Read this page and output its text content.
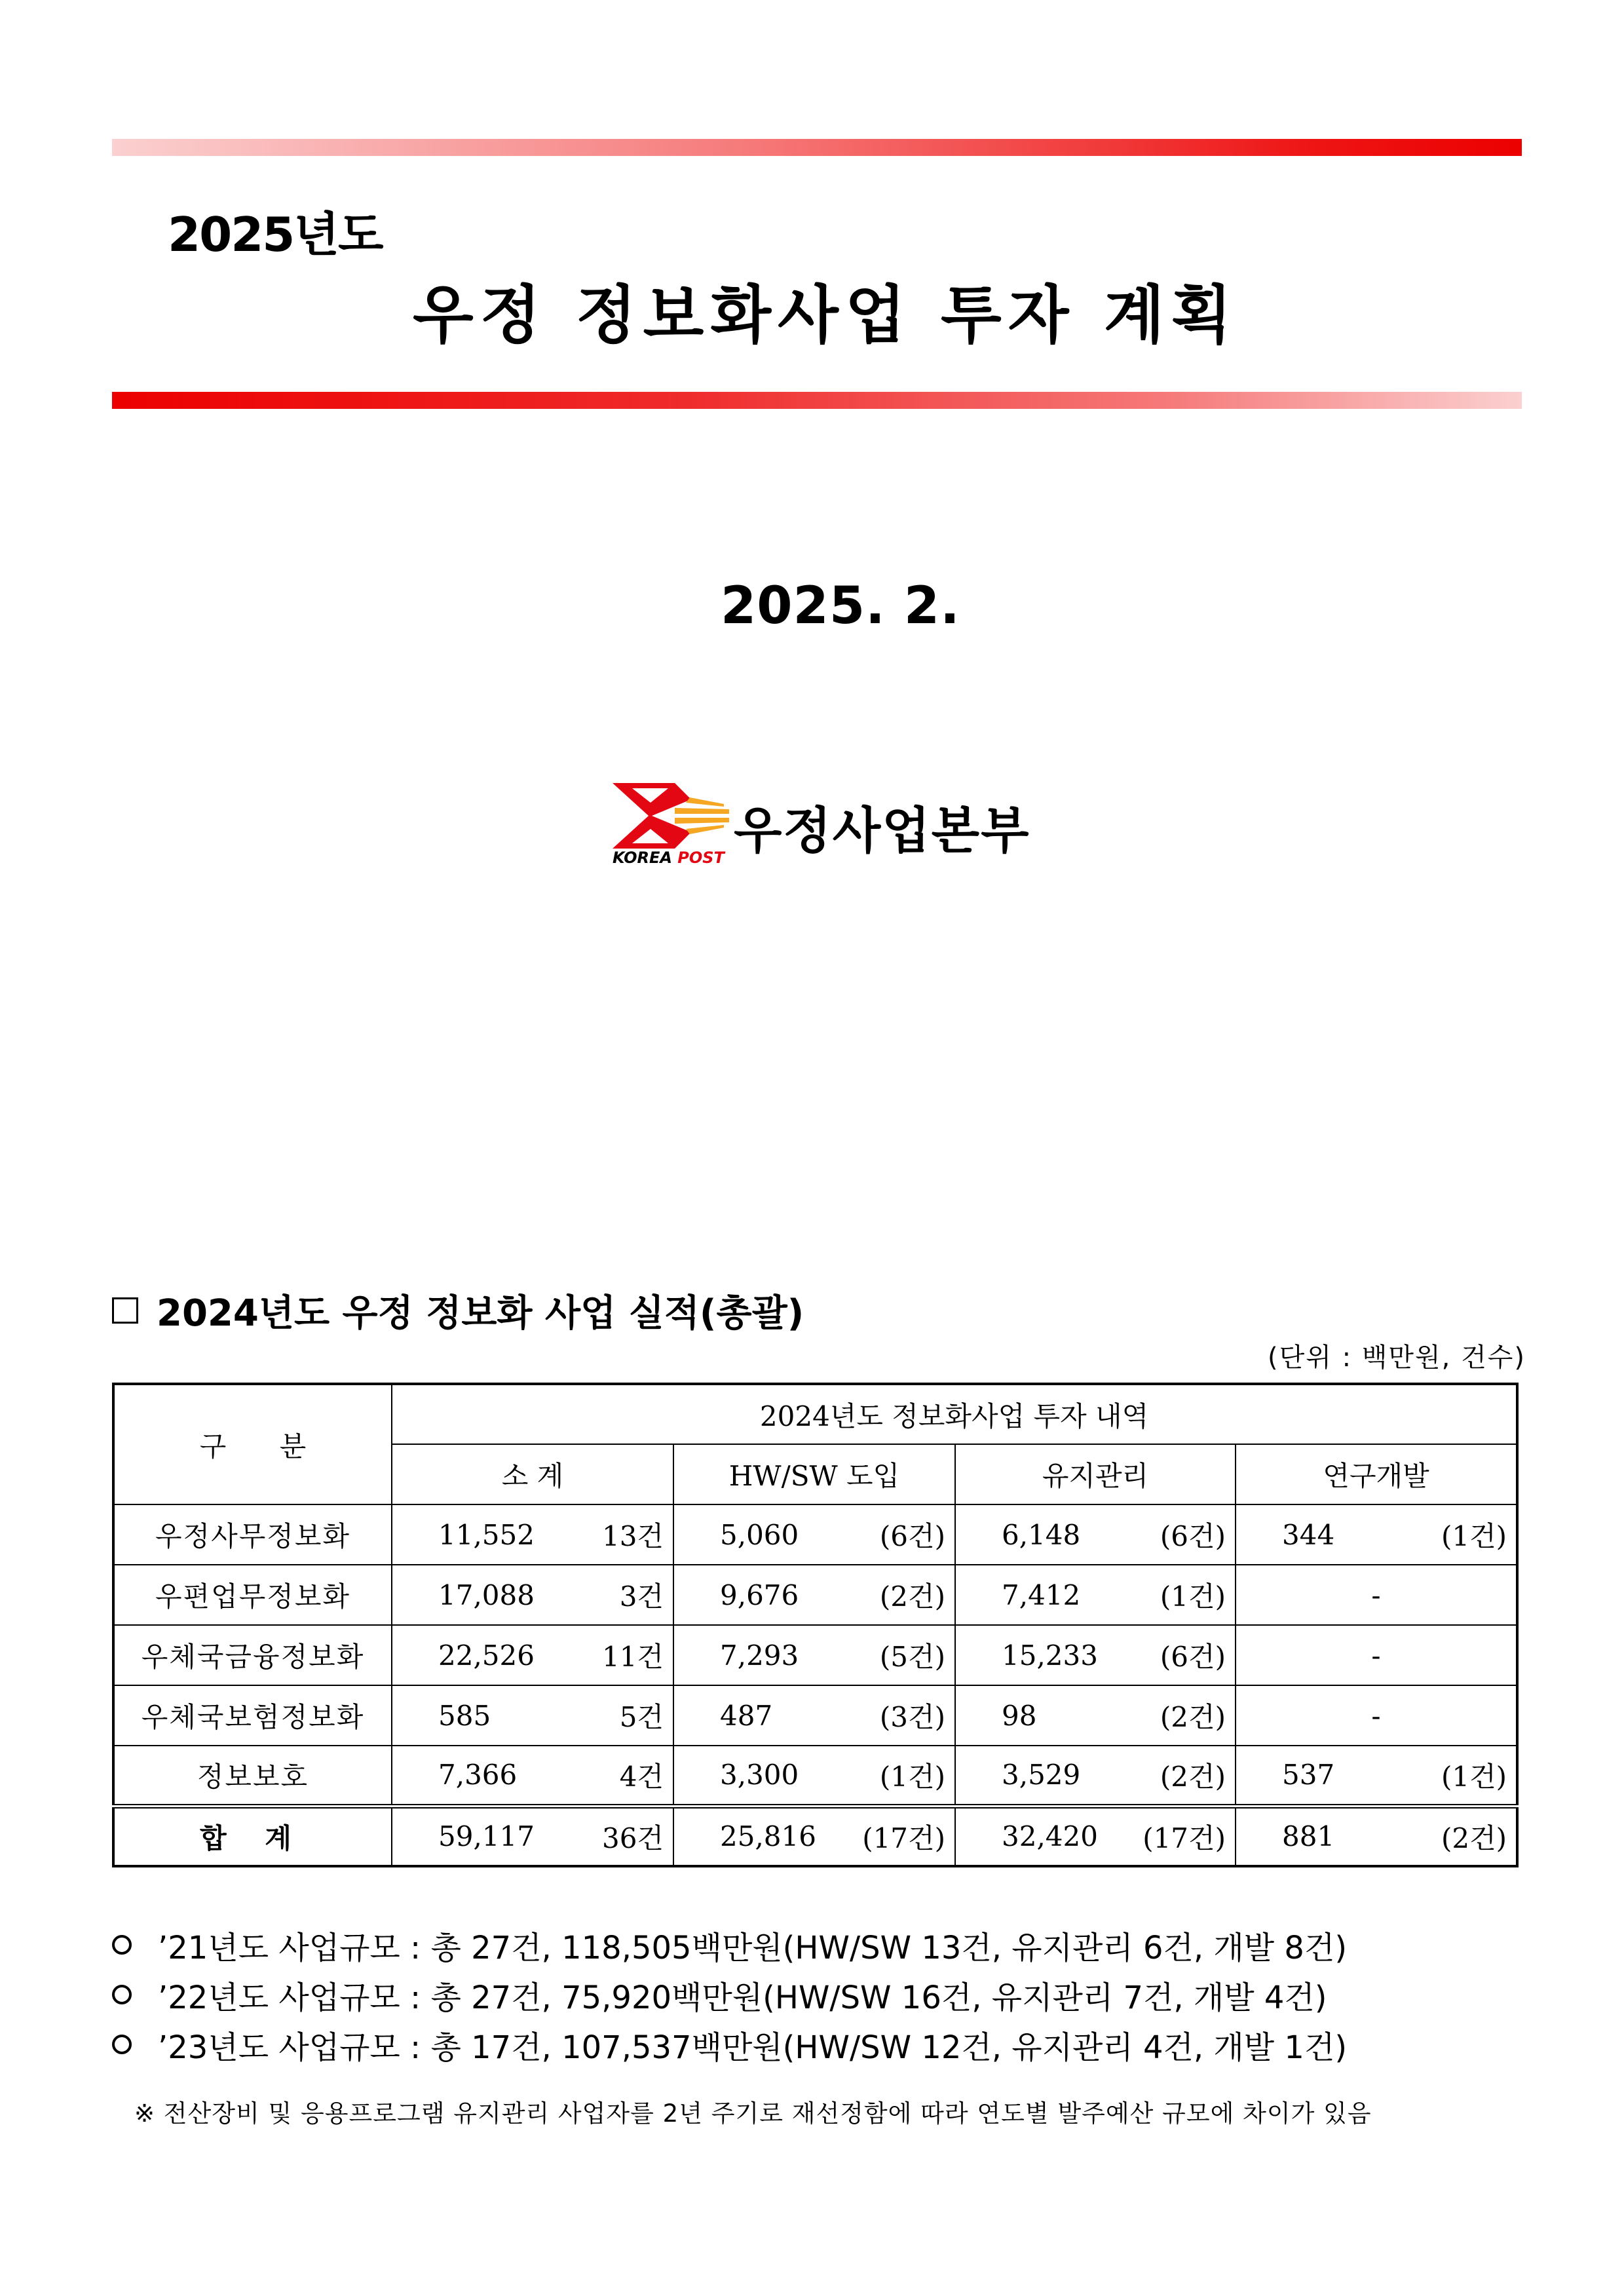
2025년도
우정 정보화사업 투자 계획
2025. 2.
우정사업본부
KOREA POST
2024년도 우정 정보화 사업 실적(총괄)
(단위 : 백만원, 건수)
구 분	2024년도 정보화사업 투자 내역			
	소 계	HW/SW 도입	유지관리	연구개발
우정사무정보화	11,552 13건	5,060 (6건)	6,148 (6건)	344 (1건)

우편업무정보화	17,088 3건	9,676 (2건)	7,412 (1건)	-

우체국금융정보화	22,526 11건	7,293 (5건)	15,233 (6건)	-

우체국보험정보화	585 5건	487 (3건)	98 (2건)	-

정보보호	7,366 4건	3,300 (1건)	3,529 (2건)	537 (1건)

합 계	59,117 36건	25,816 (17건)	32,420 (17건)	881 (2건)
’21년도 사업규모 : 총 27건, 118,505백만원(HW/SW 13건, 유지관리 6건, 개발 8건)
’22년도 사업규모 : 총 27건, 75,920백만원(HW/SW 16건, 유지관리 7건, 개발 4건)
’23년도 사업규모 : 총 17건, 107,537백만원(HW/SW 12건, 유지관리 4건, 개발 1건)
※ 전산장비 및 응용프로그램 유지관리 사업자를 2년 주기로 재선정함에 따라 연도별 발주예산 규모에 차이가 있음
